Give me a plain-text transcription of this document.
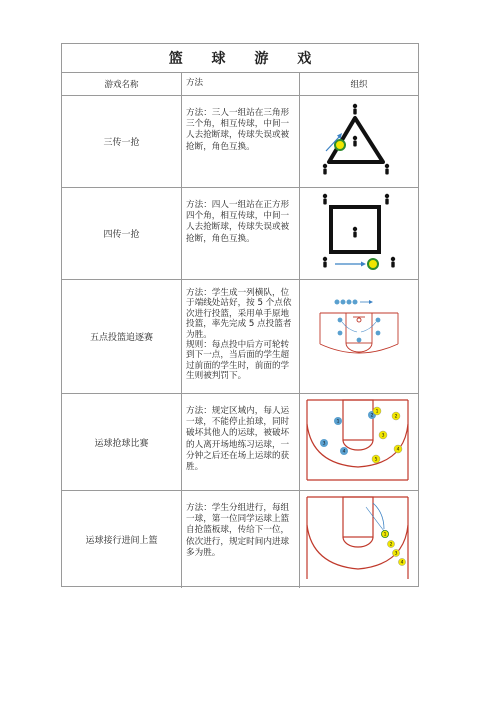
篮 球 游 戏
游戏名称	方法	组织
三传一抢

方法：三人一组站在三角形三个角，相互传球，中间一人去抢断球，传球失误或被抢断，角色互换。

四传一抢

方法：四人一组站在正方形四个角，相互传球，中间一人去抢断球，传球失误或被抢断，角色互换。

五点投篮追逐赛

方法：学生成一列横队，位于端线处站好，按 5 个点依次进行投篮，采用单手原地投篮，率先完成 5 点投篮者为胜。

规则：每点投中后方可轮转到下一点，当后面的学生超过前面的学生时，前面的学生则被判罚下。

运球抢球比赛

方法：规定区域内，每人运一球，不能停止拍球，同时破坏其他人的运球，被破坏的人离开场地练习运球，一分钟之后还在场上运球的获胜。

1
2
3
4
1
2
3
4
5
运球接行进间上篮

方法：学生分组进行，每组一球，第一位同学运球上篮自抢篮板球，传给下一位，依次进行，规定时间内进球多为胜。

1
2
3
4
